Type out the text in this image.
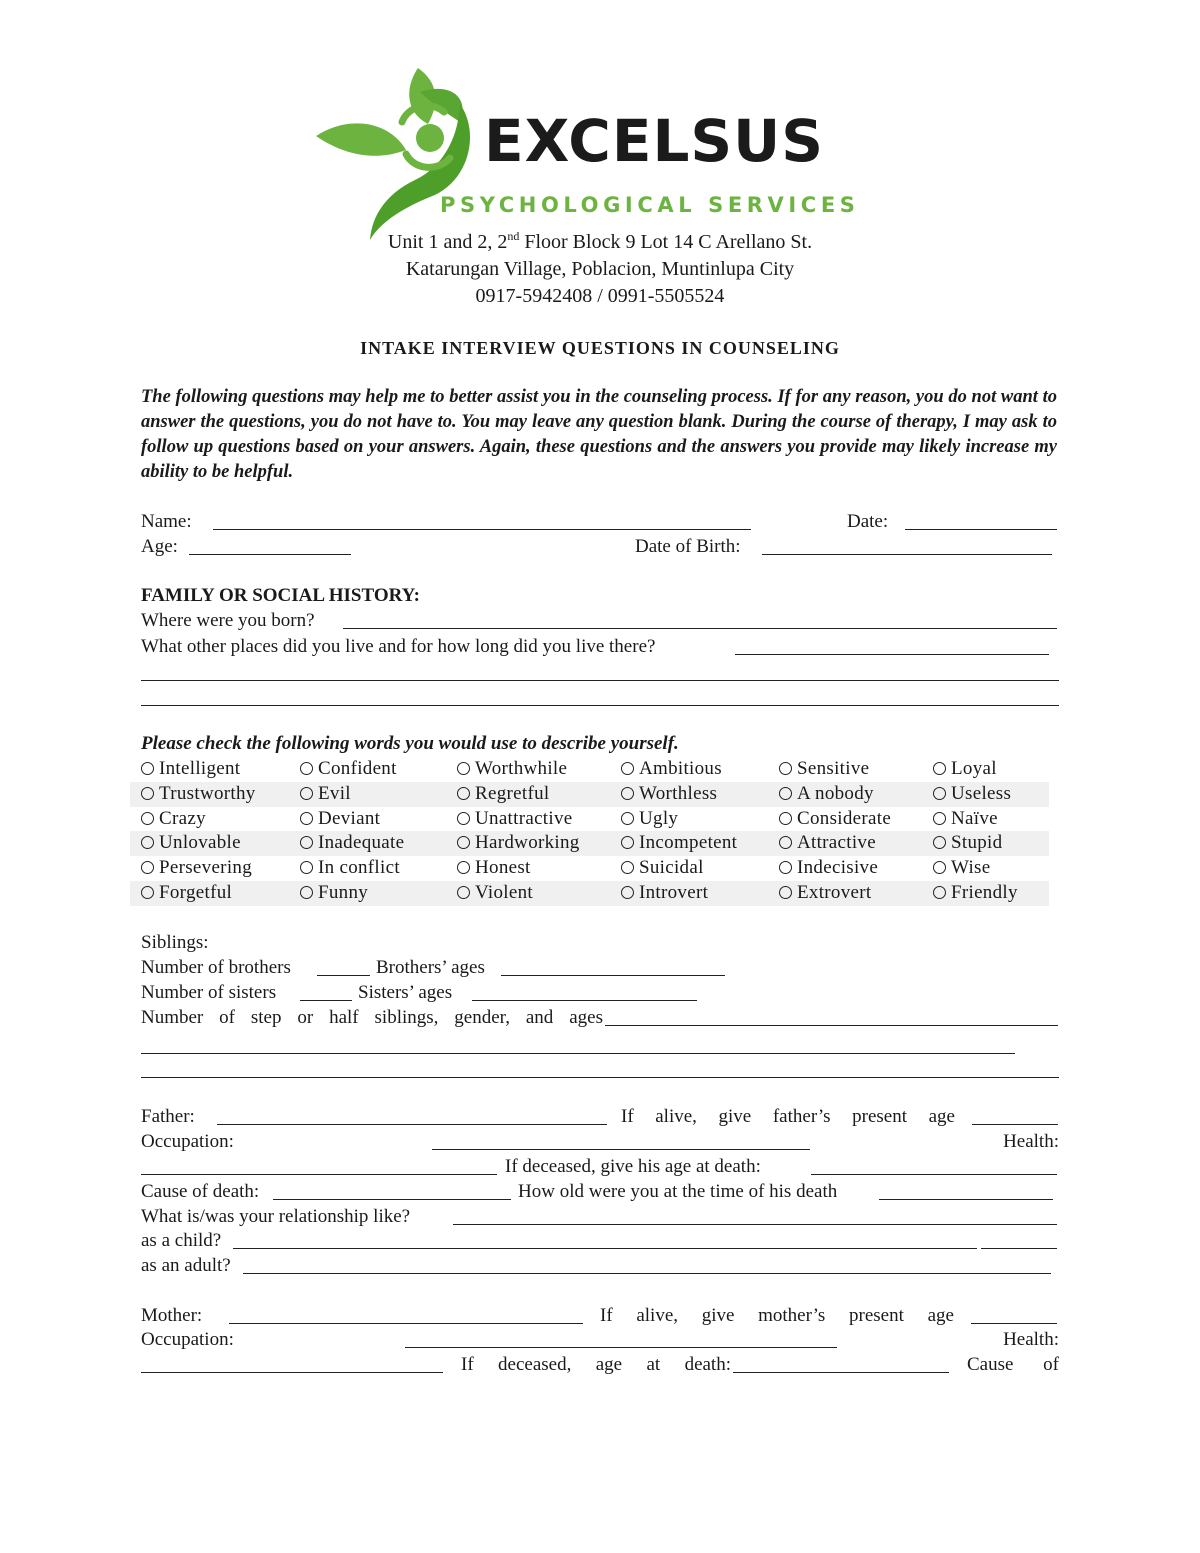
EXCELSUS
PSYCHOLOGICAL SERVICES
Unit 1 and 2, 2nd Floor Block 9 Lot 14 C Arellano St.
Katarungan Village, Poblacion, Muntinlupa City
0917-5942408 / 0991-5505524
INTAKE INTERVIEW QUESTIONS IN COUNSELING
The following questions may help me to better assist you in the counseling process. If for any reason, you do not want to answer the questions, you do not have to. You may leave any question blank. During the course of therapy, I may ask to follow up questions based on your answers. Again, these questions and the answers you provide may likely increase my ability to be helpful.
Name:	Date:
Age:	Date of Birth:
FAMILY OR SOCIAL HISTORY:
Where were you born?
What other places did you live and for how long did you live there?
Please check the following words you would use to describe yourself.
Intelligent	Confident	Worthwhile	Ambitious	Sensitive	Loyal
Trustworthy	Evil	Regretful	Worthless	A nobody	Useless
Crazy	Deviant	Unattractive	Ugly	Considerate	Naïve
Unlovable	Inadequate	Hardworking	Incompetent	Attractive	Stupid
Persevering	In conflict	Honest	Suicidal	Indecisive	Wise
Forgetful	Funny	Violent	Introvert	Extrovert	Friendly
Siblings:
Number of brothers	Brothers’ ages
Number of sisters	Sisters’ ages
Number of step or half siblings, gender, and ages
Father:	If alive, give father’s present age
Occupation:	Health:
If deceased, give his age at death:
Cause of death:	How old were you at the time of his death
What is/was your relationship like?
as a child?
as an adult?
Mother:	If alive, give mother’s present age
Occupation:	Health:
If deceased, age at death:	Cause of
